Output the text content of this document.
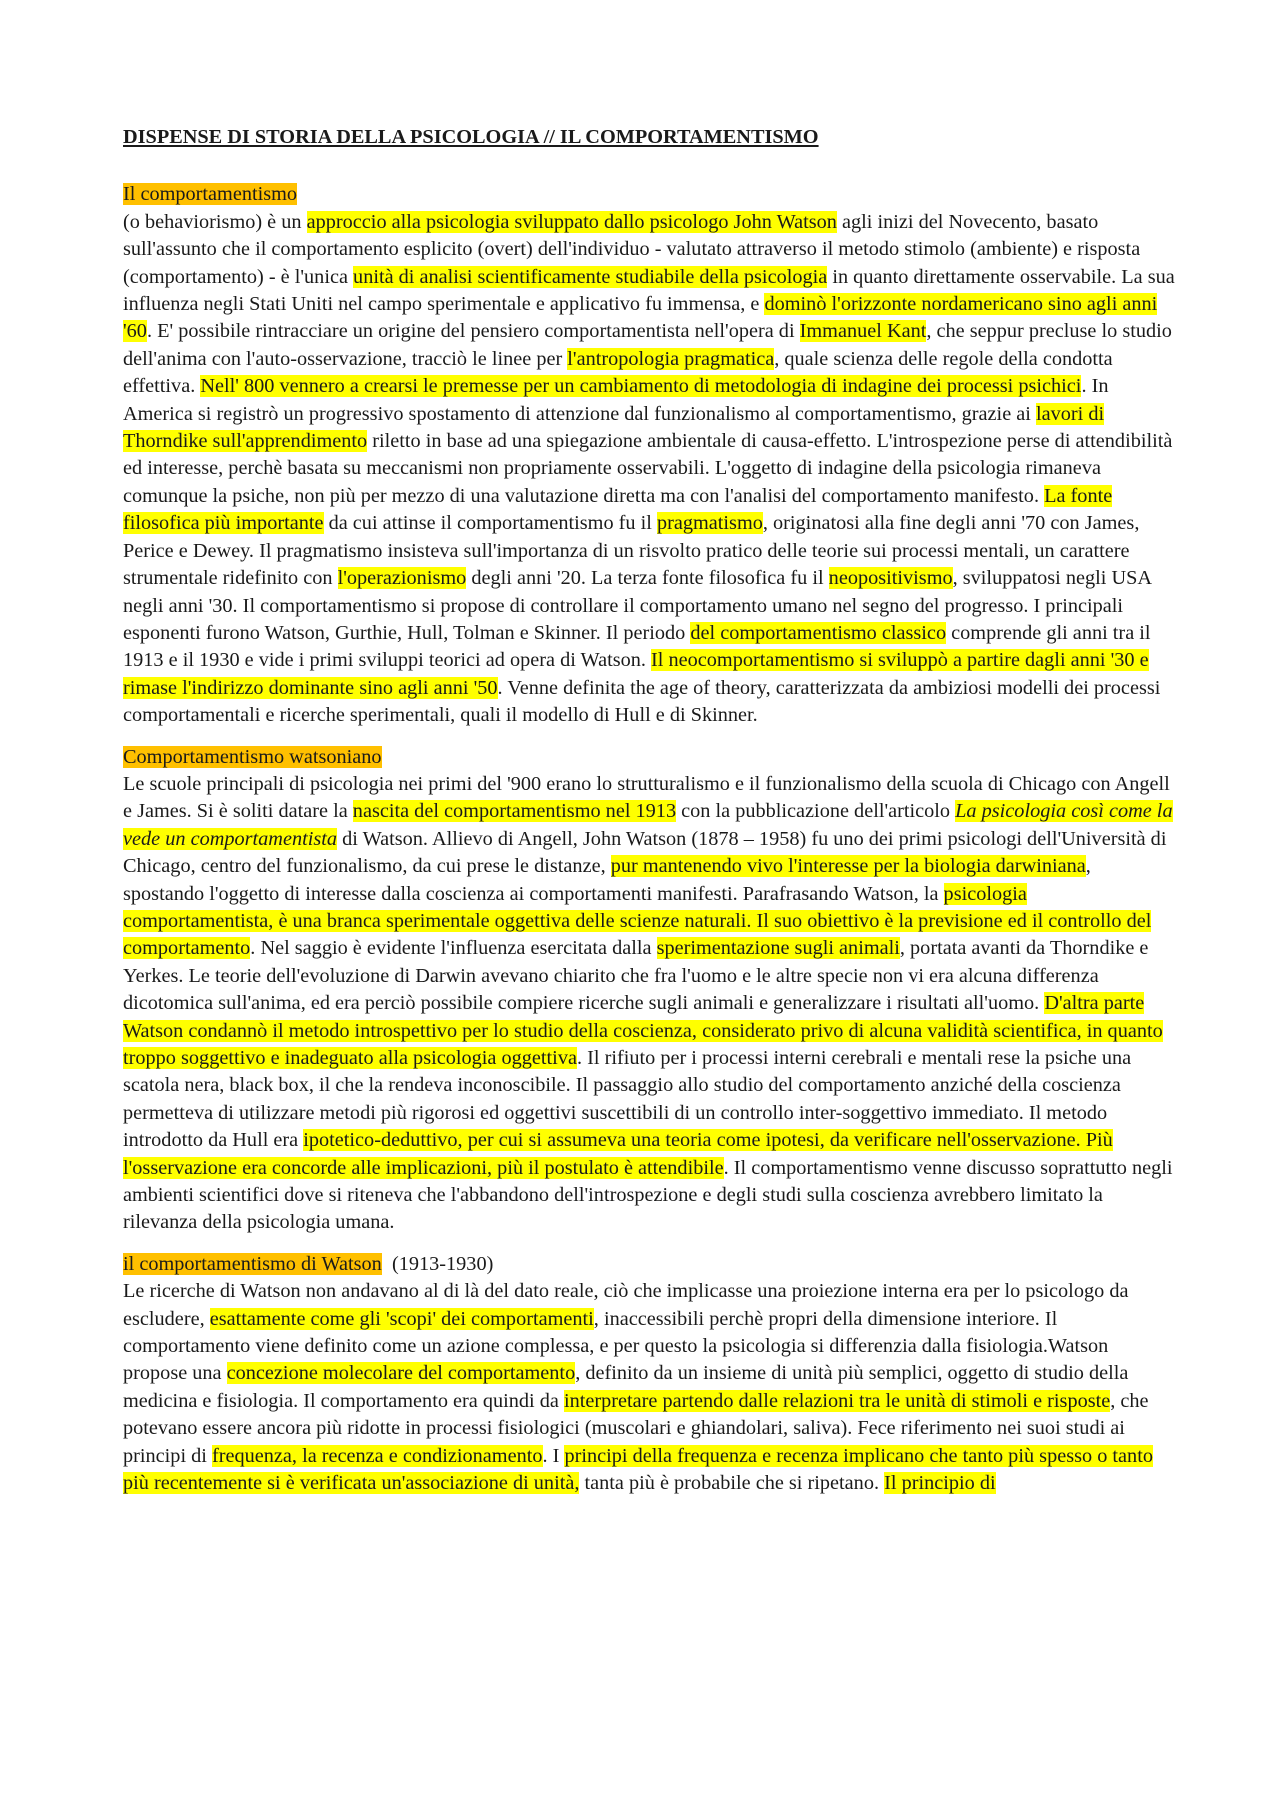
DISPENSE DI STORIA DELLA PSICOLOGIA // IL COMPORTAMENTISMO
Il comportamentismo

(o behaviorismo) è un approccio alla psicologia sviluppato dallo psicologo John Watson agli inizi del Novecento, basato sull'assunto che il comportamento esplicito (overt) dell'individuo - valutato attraverso il metodo stimolo (ambiente) e risposta (comportamento) - è l'unica unità di analisi scientificamente studiabile della psicologia in quanto direttamente osservabile. La sua influenza negli Stati Uniti nel campo sperimentale e applicativo fu immensa, e dominò l'orizzonte nordamericano sino agli anni '60. E' possibile rintracciare un origine del pensiero comportamentista nell'opera di Immanuel Kant, che seppur precluse lo studio dell'anima con l'auto-osservazione, tracciò le linee per l'antropologia pragmatica, quale scienza delle regole della condotta effettiva. Nell' 800 vennero a crearsi le premesse per un cambiamento di metodologia di indagine dei processi psichici. In America si registrò un progressivo spostamento di attenzione dal funzionalismo al comportamentismo, grazie ai lavori di Thorndike sull'apprendimento riletto in base ad una spiegazione ambientale di causa-effetto. L'introspezione perse di attendibilità ed interesse, perchè basata su meccanismi non propriamente osservabili. L'oggetto di indagine della psicologia rimaneva comunque la psiche, non più per mezzo di una valutazione diretta ma con l'analisi del comportamento manifesto. La fonte filosofica più importante da cui attinse il comportamentismo fu il pragmatismo, originatosi alla fine degli anni '70 con James, Perice e Dewey. Il pragmatismo insisteva sull'importanza di un risvolto pratico delle teorie sui processi mentali, un carattere strumentale ridefinito con l'operazionismo degli anni '20. La terza fonte filosofica fu il neopositivismo, sviluppatosi negli USA negli anni '30. Il comportamentismo si propose di controllare il comportamento umano nel segno del progresso. I principali esponenti furono Watson, Gurthie, Hull, Tolman e Skinner. Il periodo del comportamentismo classico comprende gli anni tra il 1913 e il 1930 e vide i primi sviluppi teorici ad opera di Watson. Il neocomportamentismo si sviluppò a partire dagli anni '30 e rimase l'indirizzo dominante sino agli anni '50. Venne definita the age of theory, caratterizzata da ambiziosi modelli dei processi comportamentali e ricerche sperimentali, quali il modello di Hull e di Skinner.

Comportamentismo watsoniano

Le scuole principali di psicologia nei primi del '900 erano lo strutturalismo e il funzionalismo della scuola di Chicago con Angell e James. Si è soliti datare la nascita del comportamentismo nel 1913 con la pubblicazione dell'articolo La psicologia così come la vede un comportamentista di Watson. Allievo di Angell, John Watson (1878 – 1958) fu uno dei primi psicologi dell'Università di Chicago, centro del funzionalismo, da cui prese le distanze, pur mantenendo vivo l'interesse per la biologia darwiniana, spostando l'oggetto di interesse dalla coscienza ai comportamenti manifesti. Parafrasando Watson, la psicologia comportamentista, è una branca sperimentale oggettiva delle scienze naturali. Il suo obiettivo è la previsione ed il controllo del comportamento. Nel saggio è evidente l'influenza esercitata dalla sperimentazione sugli animali, portata avanti da Thorndike e Yerkes. Le teorie dell'evoluzione di Darwin avevano chiarito che fra l'uomo e le altre specie non vi era alcuna differenza dicotomica sull'anima, ed era perciò possibile compiere ricerche sugli animali e generalizzare i risultati all'uomo. D'altra parte Watson condannò il metodo introspettivo per lo studio della coscienza, considerato privo di alcuna validità scientifica, in quanto troppo soggettivo e inadeguato alla psicologia oggettiva. Il rifiuto per i processi interni cerebrali e mentali rese la psiche una scatola nera, black box, il che la rendeva inconoscibile. Il passaggio allo studio del comportamento anziché della coscienza permetteva di utilizzare metodi più rigorosi ed oggettivi suscettibili di un controllo inter-soggettivo immediato. Il metodo introdotto da Hull era ipotetico-deduttivo, per cui si assumeva una teoria come ipotesi, da verificare nell'osservazione. Più l'osservazione era concorde alle implicazioni, più il postulato è attendibile. Il comportamentismo venne discusso soprattutto negli ambienti scientifici dove si riteneva che l'abbandono dell'introspezione e degli studi sulla coscienza avrebbero limitato la rilevanza della psicologia umana.

il comportamentismo di Watson  (1913-1930)

Le ricerche di Watson non andavano al di là del dato reale, ciò che implicasse una proiezione interna era per lo psicologo da escludere, esattamente come gli 'scopi' dei comportamenti, inaccessibili perchè propri della dimensione interiore. Il comportamento viene definito come un azione complessa, e per questo la psicologia si differenzia dalla fisiologia.Watson propose una concezione molecolare del comportamento, definito da un insieme di unità più semplici, oggetto di studio della medicina e fisiologia. Il comportamento era quindi da interpretare partendo dalle relazioni tra le unità di stimoli e risposte, che potevano essere ancora più ridotte in processi fisiologici (muscolari e ghiandolari, saliva). Fece riferimento nei suoi studi ai principi di frequenza, la recenza e condizionamento. I principi della frequenza e recenza implicano che tanto più spesso o tanto più recentemente si è verificata un'associazione di unità, tanta più è probabile che si ripetano. Il principio di
